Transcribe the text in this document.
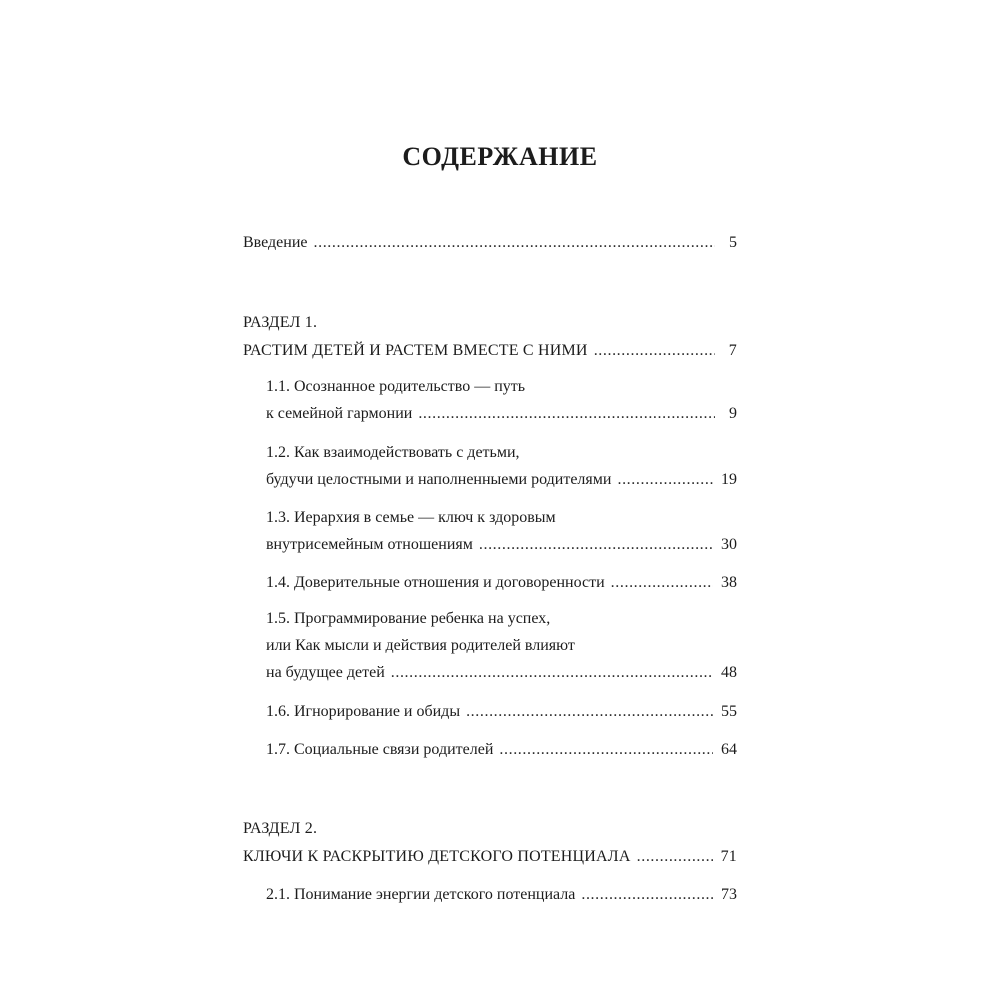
СОДЕРЖАНИЕ
Введение .....	5
РАЗДЕЛ 1.
РАСТИМ ДЕТЕЙ И РАСТЕМ ВМЕСТЕ С НИМИ .....	7
1.1. Осознанное родительство — путь
к семейной гармонии .....	9
1.2. Как взаимодействовать с детьми,
будучи целостными и наполненныеми родителями .....	19
1.3. Иерархия в семье — ключ к здоровым
внутрисемейным отношениям .....	30
1.4. Доверительные отношения и договоренности .....	38
1.5. Программирование ребенка на успех,
или Как мысли и действия родителей влияют
на будущее детей .....	48
1.6. Игнорирование и обиды .....	55
1.7. Социальные связи родителей .....	64
РАЗДЕЛ 2.
КЛЮЧИ К РАСКРЫТИЮ ДЕТСКОГО ПОТЕНЦИАЛА .....	71
2.1. Понимание энергии детского потенциала .....	73
